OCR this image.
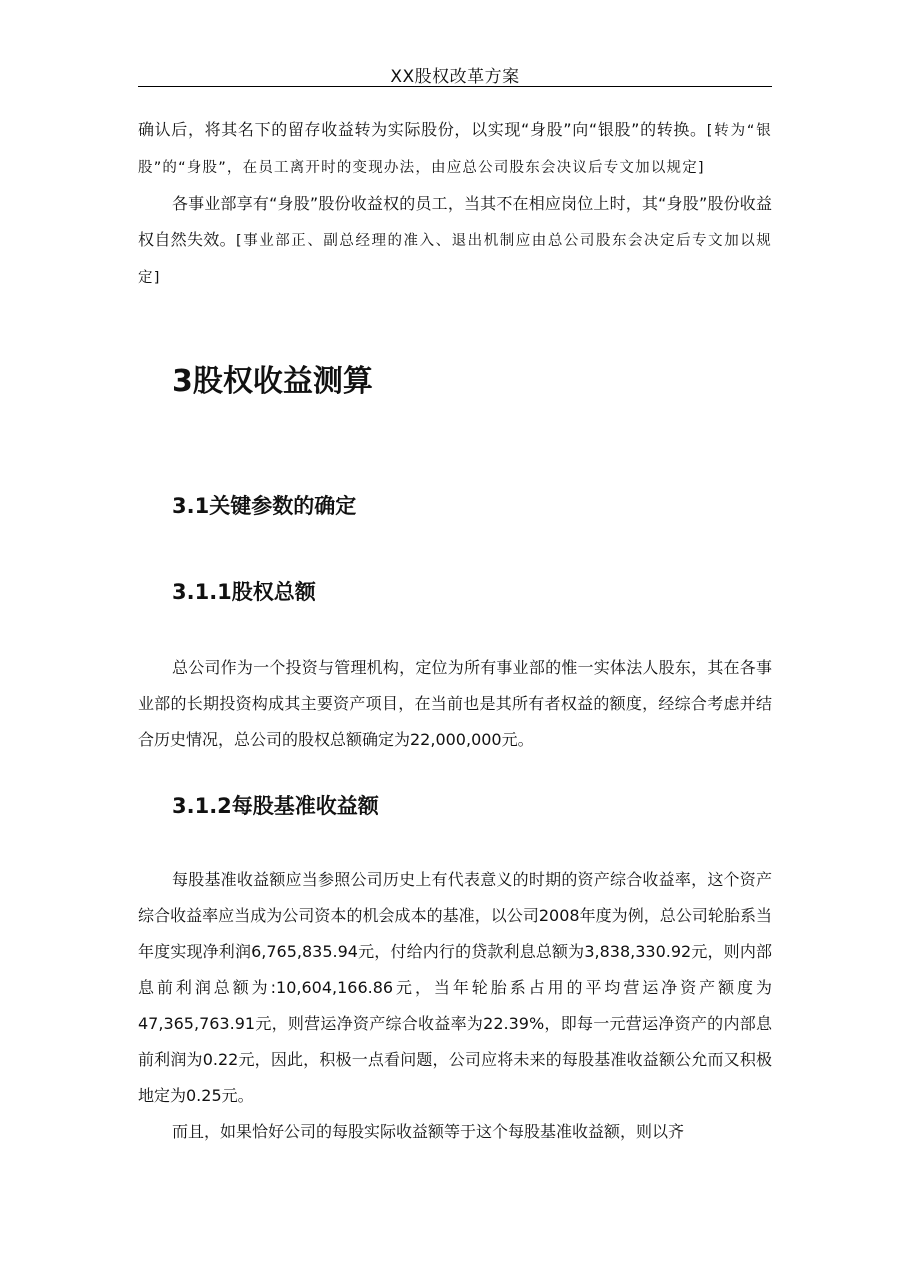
XX股权改革方案

确认后，将其名下的留存收益转为实际股份，以实现“身股”向“银股”的转换。[转为“银股”的“身股”，在员工离开时的变现办法，由应总公司股东会决议后专文加以规定]

各事业部享有“身股”股份收益权的员工，当其不在相应岗位上时，其“身股”股份收益权自然失效。[事业部正、副总经理的准入、退出机制应由总公司股东会决定后专文加以规定]

3股权收益测算
3.1关键参数的确定
3.1.1股权总额

总公司作为一个投资与管理机构，定位为所有事业部的惟一实体法人股东，其在各事业部的长期投资构成其主要资产项目，在当前也是其所有者权益的额度，经综合考虑并结合历史情况，总公司的股权总额确定为22,000,000元。

3.1.2每股基准收益额

每股基准收益额应当参照公司历史上有代表意义的时期的资产综合收益率，这个资产综合收益率应当成为公司资本的机会成本的基准，以公司2008年度为例，总公司轮胎系当年度实现净利润6,765,835.94元，付给内行的贷款利息总额为3,838,330.92元，则内部息前利润总额为:10,604,166.86元，当年轮胎系占用的平均营运净资产额度为47,365,763.91元，则营运净资产综合收益率为22.39%，即每一元营运净资产的内部息前利润为0.22元，因此，积极一点看问题，公司应将未来的每股基准收益额公允而又积极地定为0.25元。

而且，如果恰好公司的每股实际收益额等于这个每股基准收益额，则以齐
